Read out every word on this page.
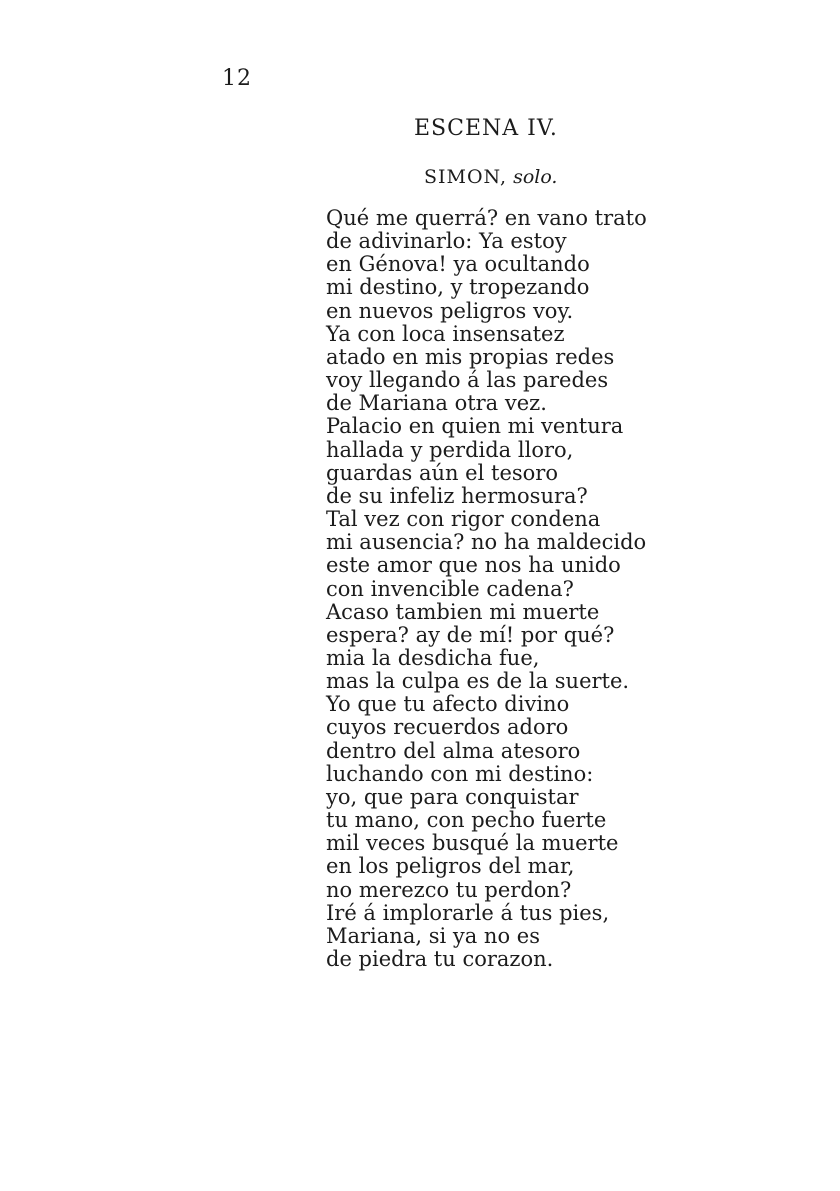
12
ESCENA IV.
SIMON, solo.
Qué me querrá? en vano trato
de adivinarlo: Ya estoy
en Génova! ya ocultando
mi destino, y tropezando
en nuevos peligros voy.
Ya con loca insensatez
atado en mis propias redes
voy llegando á las paredes
de Mariana otra vez.
Palacio en quien mi ventura
hallada y perdida lloro,
guardas aún el tesoro
de su infeliz hermosura?
Tal vez con rigor condena
mi ausencia? no ha maldecido
este amor que nos ha unido
con invencible cadena?
Acaso tambien mi muerte
espera? ay de mí! por qué?
mia la desdicha fue,
mas la culpa es de la suerte.
Yo que tu afecto divino
cuyos recuerdos adoro
dentro del alma atesoro
luchando con mi destino:
yo, que para conquistar
tu mano, con pecho fuerte
mil veces busqué la muerte
en los peligros del mar,
no merezco tu perdon?
Iré á implorarle á tus pies,
Mariana, si ya no es
de piedra tu corazon.
